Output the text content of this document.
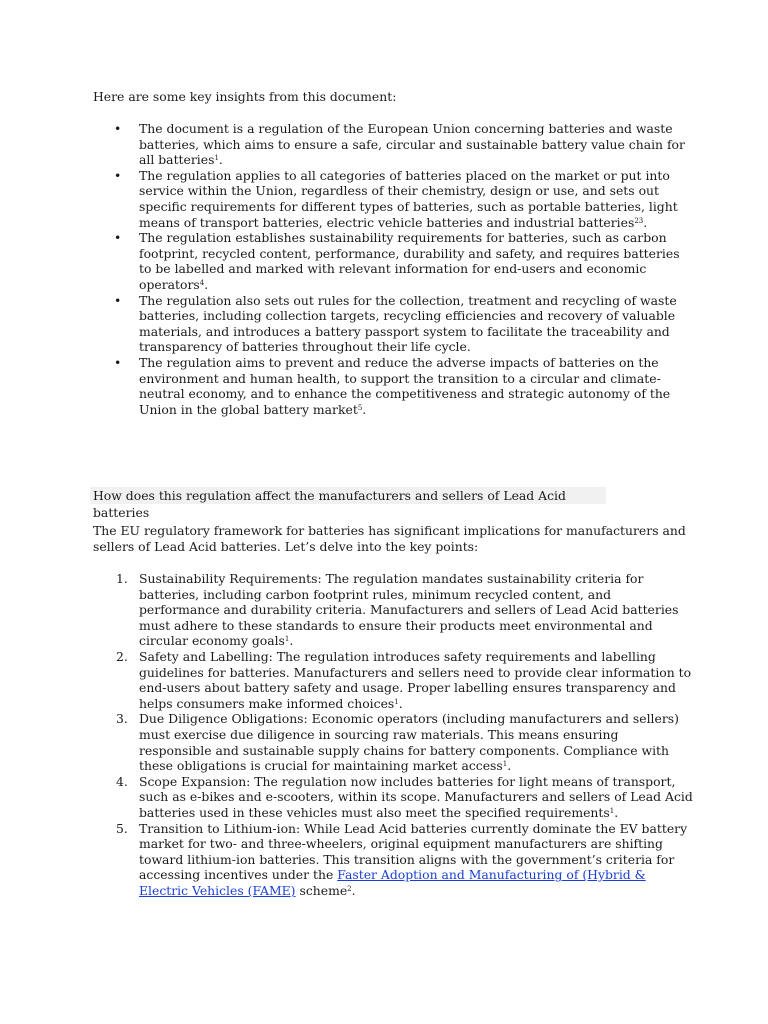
Here are some key insights from this document:
• The document is a regulation of the European Union concerning batteries and waste batteries, which aims to ensure a safe, circular and sustainable battery value chain for all batteries$^1$.
• The regulation applies to all categories of batteries placed on the market or put into service within the Union, regardless of their chemistry, design or use, and sets out specific requirements for different types of batteries, such as portable batteries, light means of transport batteries, electric vehicle batteries and industrial batteries$^{23}$.
• The regulation establishes sustainability requirements for batteries, such as carbon footprint, recycled content, performance, durability and safety, and requires batteries to be labelled and marked with relevant information for end-users and economic operators$^4$.
• The regulation also sets out rules for the collection, treatment and recycling of waste batteries, including collection targets, recycling efficiencies and recovery of valuable materials, and introduces a battery passport system to facilitate the traceability and transparency of batteries throughout their life cycle.
• The regulation aims to prevent and reduce the adverse impacts of batteries on the environment and human health, to support the transition to a circular and climate-neutral economy, and to enhance the competitiveness and strategic autonomy of the Union in the global battery market$^5$.
How does this regulation affect the manufacturers and sellers of Lead Acid batteries
The EU regulatory framework for batteries has significant implications for manufacturers and sellers of Lead Acid batteries. Let’s delve into the key points:
1. Sustainability Requirements: The regulation mandates sustainability criteria for batteries, including carbon footprint rules, minimum recycled content, and performance and durability criteria. Manufacturers and sellers of Lead Acid batteries must adhere to these standards to ensure their products meet environmental and circular economy goals$^1$.
2. Safety and Labelling: The regulation introduces safety requirements and labelling guidelines for batteries. Manufacturers and sellers need to provide clear information to end-users about battery safety and usage. Proper labelling ensures transparency and helps consumers make informed choices$^1$.
3. Due Diligence Obligations: Economic operators (including manufacturers and sellers) must exercise due diligence in sourcing raw materials. This means ensuring responsible and sustainable supply chains for battery components. Compliance with these obligations is crucial for maintaining market access$^1$.
4. Scope Expansion: The regulation now includes batteries for light means of transport, such as e-bikes and e-scooters, within its scope. Manufacturers and sellers of Lead Acid batteries used in these vehicles must also meet the specified requirements$^1$.
5. Transition to Lithium-ion: While Lead Acid batteries currently dominate the EV battery market for two- and three-wheelers, original equipment manufacturers are shifting toward lithium-ion batteries. This transition aligns with the government’s criteria for accessing incentives under the Faster Adoption and Manufacturing of (Hybrid & Electric Vehicles (FAME) scheme$^2$.
